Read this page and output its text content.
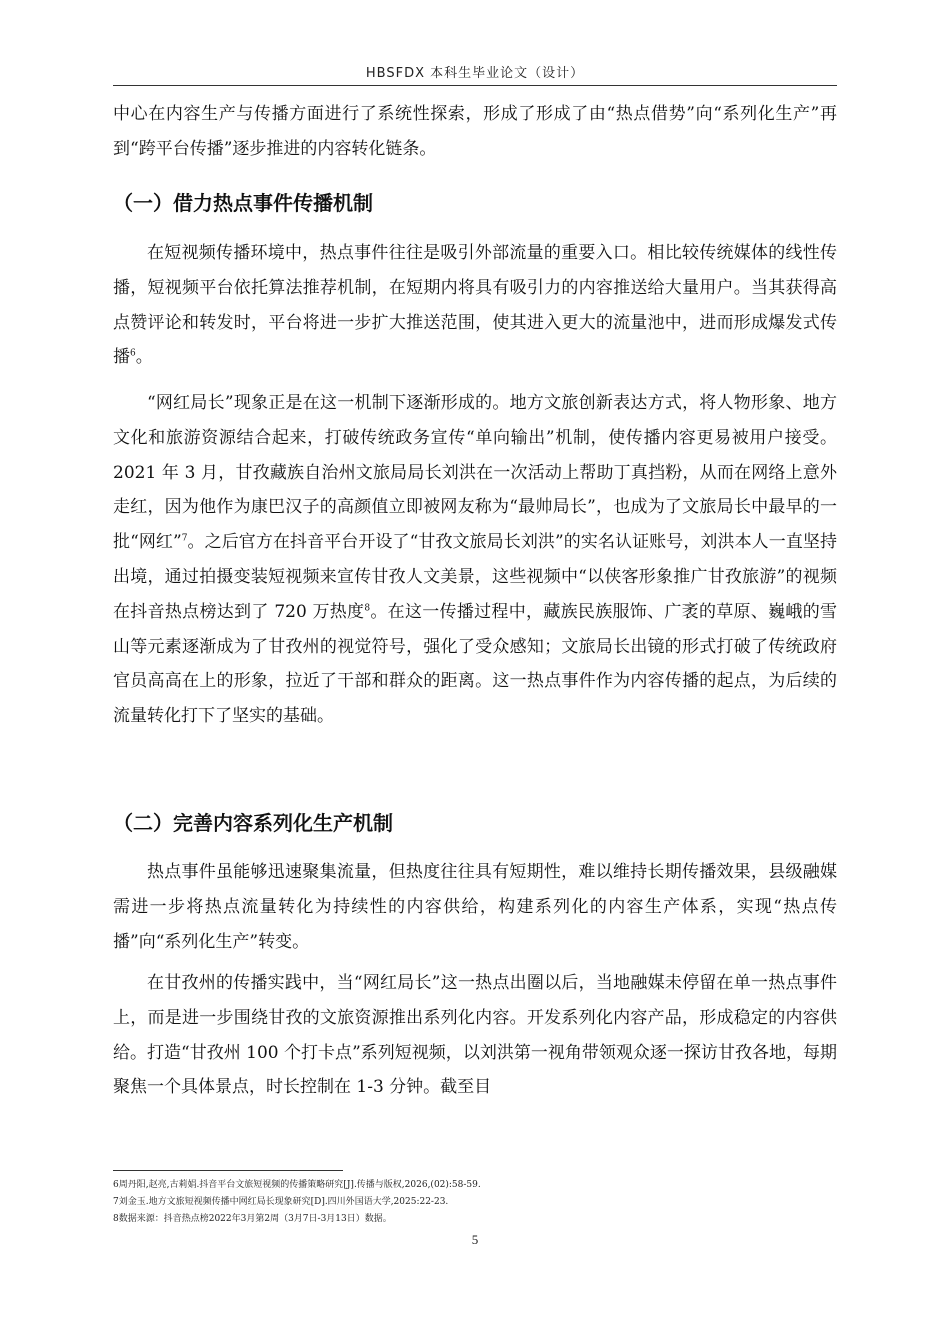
HBSFDX 本科生毕业论文（设计）

中心在内容生产与传播方面进行了系统性探索，形成了形成了由“热点借势”向“系列化生产”再到“跨平台传播”逐步推进的内容转化链条。

（一）借力热点事件传播机制

在短视频传播环境中，热点事件往往是吸引外部流量的重要入口。相比较传统媒体的线性传播，短视频平台依托算法推荐机制，在短期内将具有吸引力的内容推送给大量用户。当其获得高点赞评论和转发时，平台将进一步扩大推送范围，使其进入更大的流量池中，进而形成爆发式传播$^6$。

“网红局长”现象正是在这一机制下逐渐形成的。地方文旅创新表达方式，将人物形象、地方文化和旅游资源结合起来，打破传统政务宣传“单向输出”机制，使传播内容更易被用户接受。2021 年 3 月，甘孜藏族自治州文旅局局长刘洪在一次活动上帮助丁真挡粉，从而在网络上意外走红，因为他作为康巴汉子的高颜值立即被网友称为“最帅局长”，也成为了文旅局长中最早的一批“网红”$^7$。之后官方在抖音平台开设了“甘孜文旅局长刘洪”的实名认证账号，刘洪本人一直坚持出境，通过拍摄变装短视频来宣传甘孜人文美景，这些视频中“以侠客形象推广甘孜旅游”的视频在抖音热点榜达到了 720 万热度$^8$。在这一传播过程中，藏族民族服饰、广袤的草原、巍峨的雪山等元素逐渐成为了甘孜州的视觉符号，强化了受众感知；文旅局长出镜的形式打破了传统政府官员高高在上的形象，拉近了干部和群众的距离。这一热点事件作为内容传播的起点，为后续的流量转化打下了坚实的基础。

（二）完善内容系列化生产机制

热点事件虽能够迅速聚集流量，但热度往往具有短期性，难以维持长期传播效果，县级融媒需进一步将热点流量转化为持续性的内容供给，构建系列化的内容生产体系，实现“热点传播”向“系列化生产”转变。

在甘孜州的传播实践中，当“网红局长”这一热点出圈以后，当地融媒未停留在单一热点事件上，而是进一步围绕甘孜的文旅资源推出系列化内容。开发系列化内容产品，形成稳定的内容供给。打造“甘孜州 100 个打卡点”系列短视频，以刘洪第一视角带领观众逐一探访甘孜各地，每期聚焦一个具体景点，时长控制在 1-3 分钟。截至目

6周丹阳,赵亮,古莉娟.抖音平台文旅短视频的传播策略研究[J].传播与版权,2026,(02):58-59.
7刘金玉.地方文旅短视频传播中网红局长现象研究[D].四川外国语大学,2025:22-23.
8数据来源：抖音热点榜2022年3月第2周（3月7日-3月13日）数据。
5
